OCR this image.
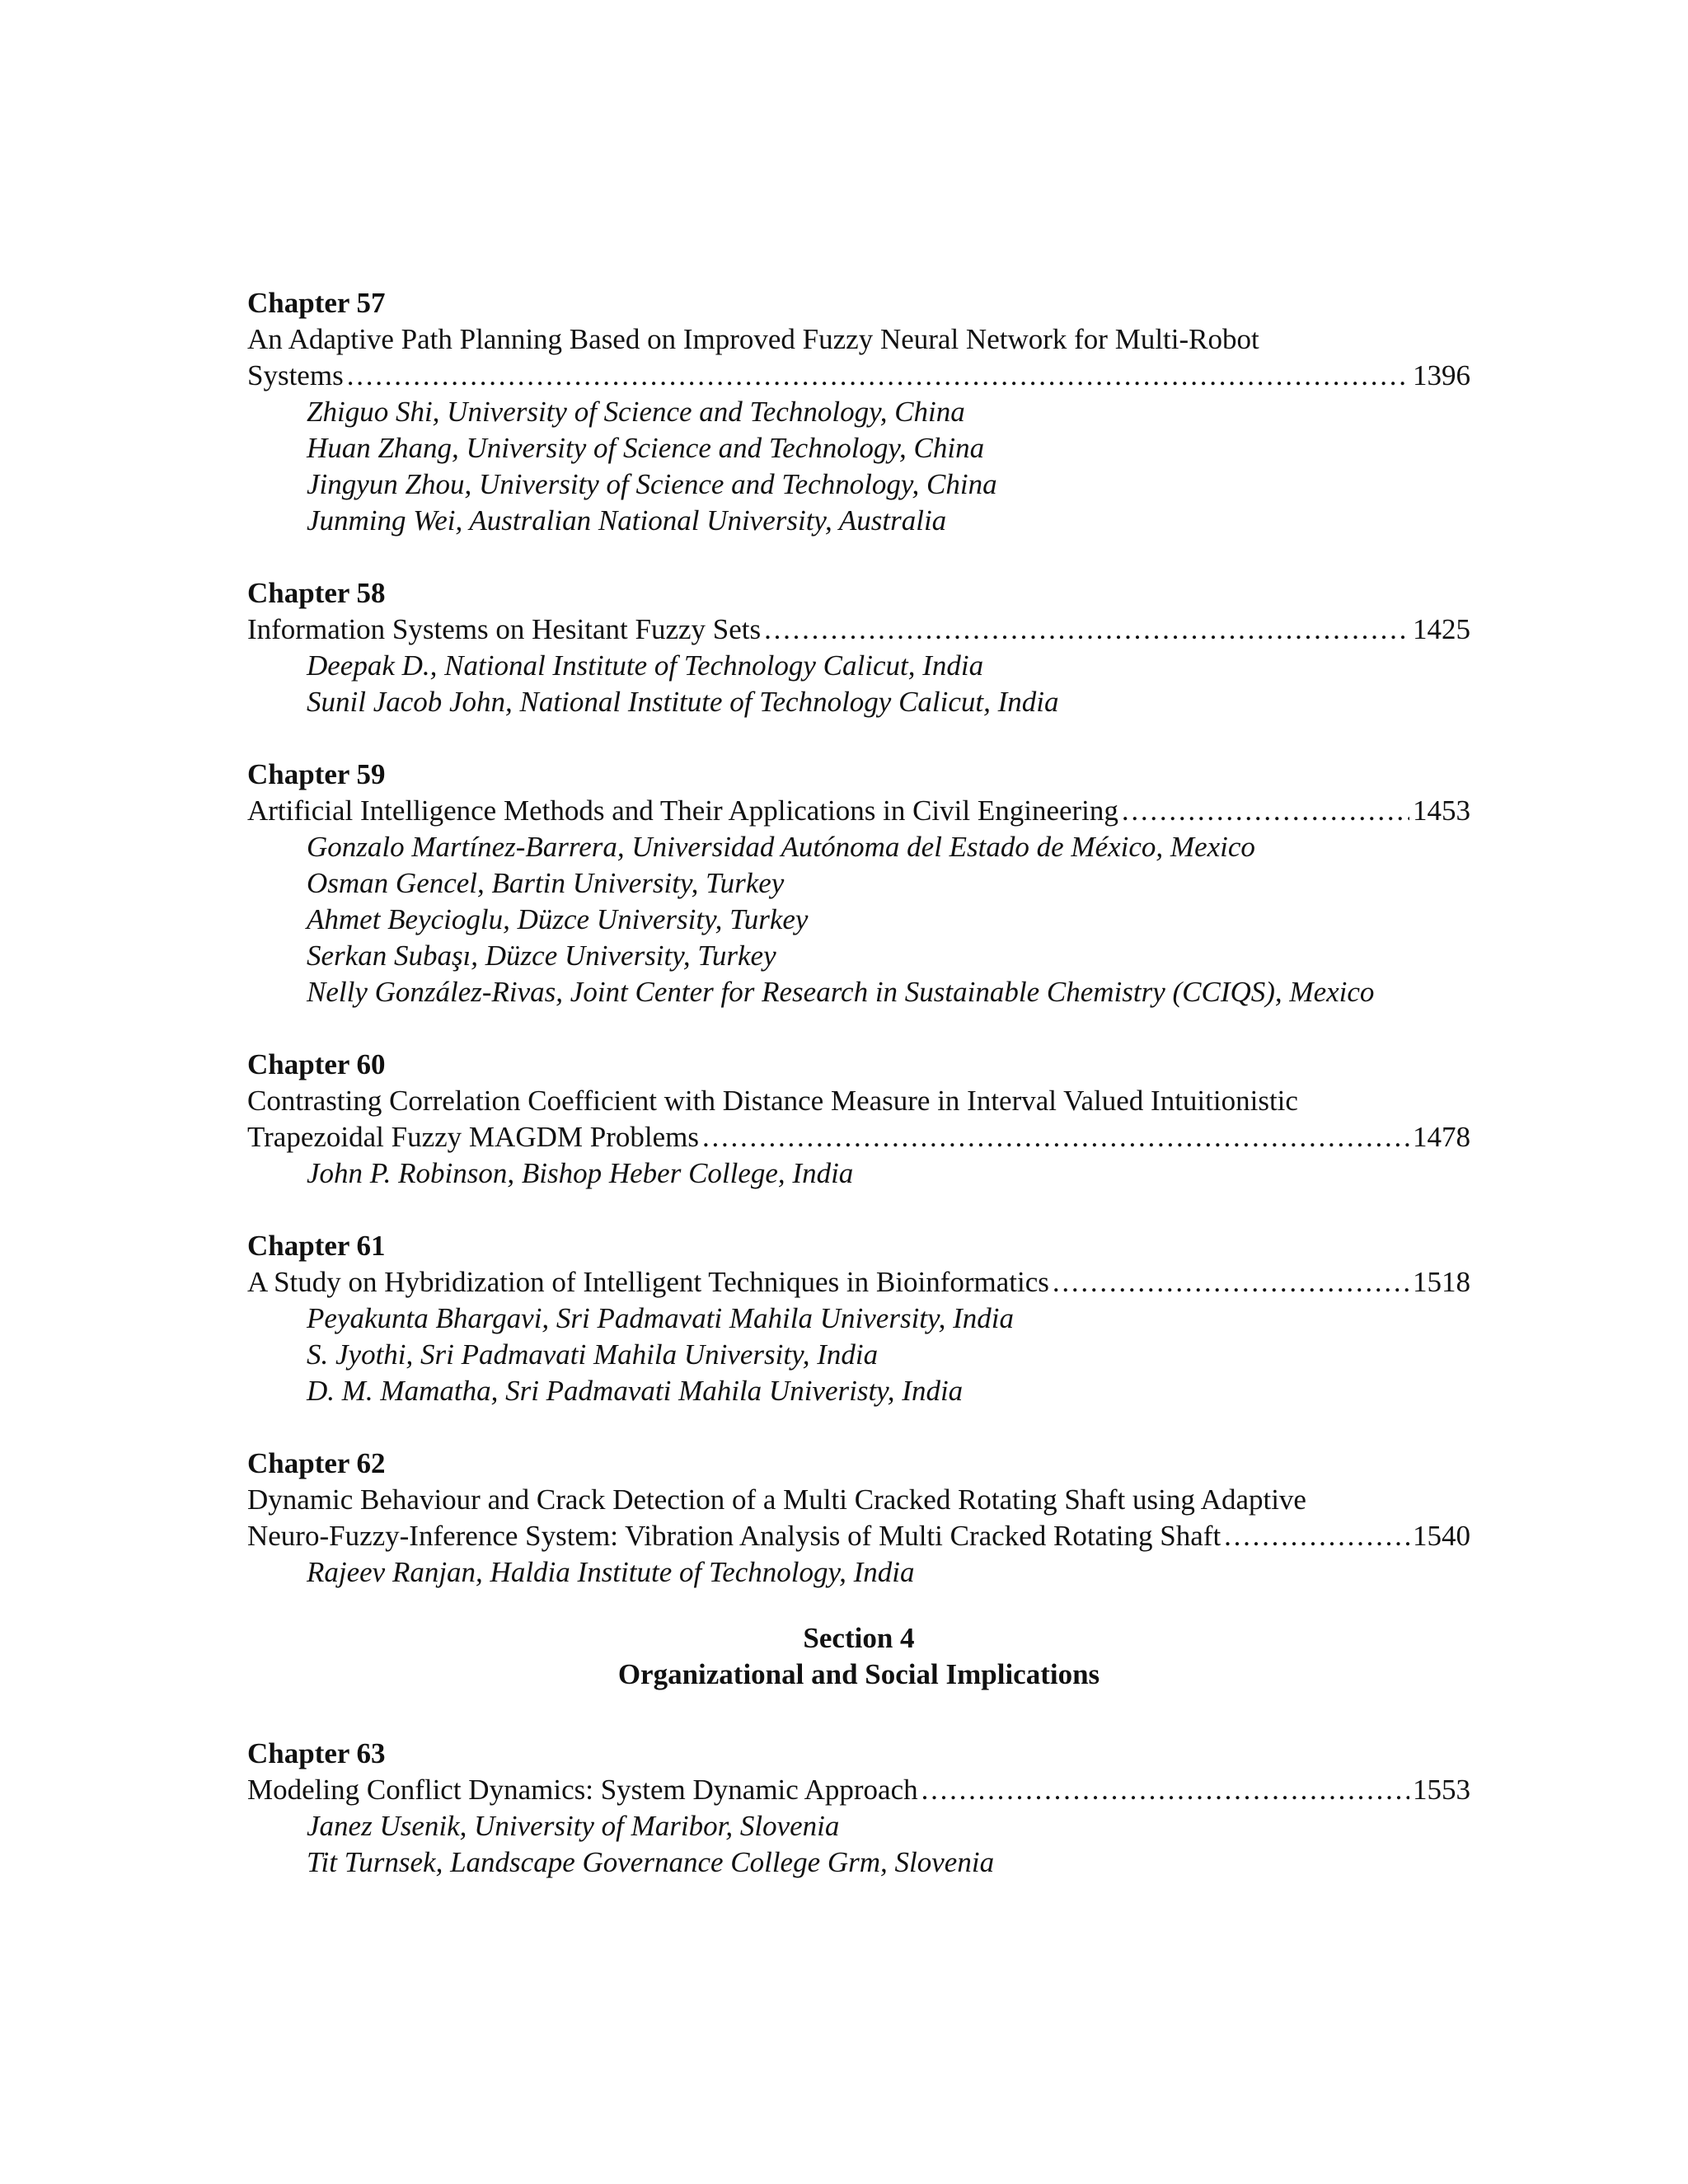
Chapter 57
An Adaptive Path Planning Based on Improved Fuzzy Neural Network for Multi-Robot
Systems . . .	1396
Zhiguo Shi, University of Science and Technology, China
Huan Zhang, University of Science and Technology, China
Jingyun Zhou, University of Science and Technology, China
Junming Wei, Australian National University, Australia
Chapter 58
Information Systems on Hesitant Fuzzy Sets . . .	1425
Deepak D., National Institute of Technology Calicut, India
Sunil Jacob John, National Institute of Technology Calicut, India
Chapter 59
Artificial Intelligence Methods and Their Applications in Civil Engineering . . .	1453
Gonzalo Martínez-Barrera, Universidad Autónoma del Estado de México, Mexico
Osman Gencel, Bartin University, Turkey
Ahmet Beycioglu, Düzce University, Turkey
Serkan Subaşı, Düzce University, Turkey
Nelly González-Rivas, Joint Center for Research in Sustainable Chemistry (CCIQS), Mexico
Chapter 60
Contrasting Correlation Coefficient with Distance Measure in Interval Valued Intuitionistic
Trapezoidal Fuzzy MAGDM Problems . . .	1478
John P. Robinson, Bishop Heber College, India
Chapter 61
A Study on Hybridization of Intelligent Techniques in Bioinformatics . . .	1518
Peyakunta Bhargavi, Sri Padmavati Mahila University, India
S. Jyothi, Sri Padmavati Mahila University, India
D. M. Mamatha, Sri Padmavati Mahila Univeristy, India
Chapter 62
Dynamic Behaviour and Crack Detection of a Multi Cracked Rotating Shaft using Adaptive
Neuro-Fuzzy-Inference System: Vibration Analysis of Multi Cracked Rotating Shaft . . .	1540
Rajeev Ranjan, Haldia Institute of Technology, India
Section 4
Organizational and Social Implications
Chapter 63
Modeling Conflict Dynamics: System Dynamic Approach . . .	1553
Janez Usenik, University of Maribor, Slovenia
Tit Turnsek, Landscape Governance College Grm, Slovenia
